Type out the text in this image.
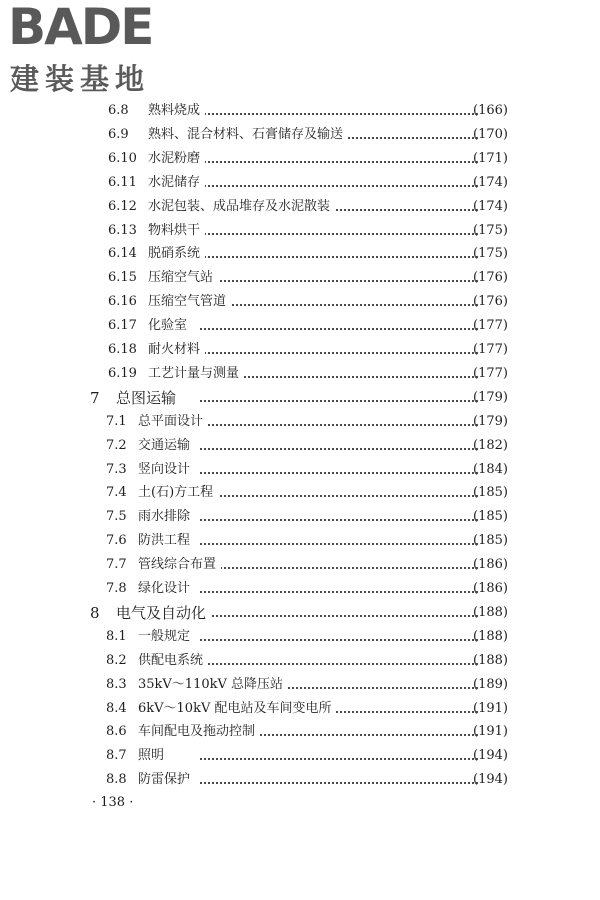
BADE
建装基地
6.8 熟料烧成	(166)
6.9 熟料、混合材料、石膏储存及输送	(170)
6.10 水泥粉磨	(171)
6.11 水泥储存	(174)
6.12 水泥包装、成品堆存及水泥散装	(174)
6.13 物料烘干	(175)
6.14 脱硝系统	(175)
6.15 压缩空气站	(176)
6.16 压缩空气管道	(176)
6.17 化验室	(177)
6.18 耐火材料	(177)
6.19 工艺计量与测量	(177)
7 总图运输	(179)
7.1 总平面设计	(179)
7.2 交通运输	(182)
7.3 竖向设计	(184)
7.4 土(石)方工程	(185)
7.5 雨水排除	(185)
7.6 防洪工程	(185)
7.7 管线综合布置	(186)
7.8 绿化设计	(186)
8 电气及自动化	(188)
8.1 一般规定	(188)
8.2 供配电系统	(188)
8.3 35kV～110kV 总降压站	(189)
8.4 6kV～10kV 配电站及车间变电所	(191)
8.6 车间配电及拖动控制	(191)
8.7 照明	(194)
8.8 防雷保护	(194)
· 138 ·
